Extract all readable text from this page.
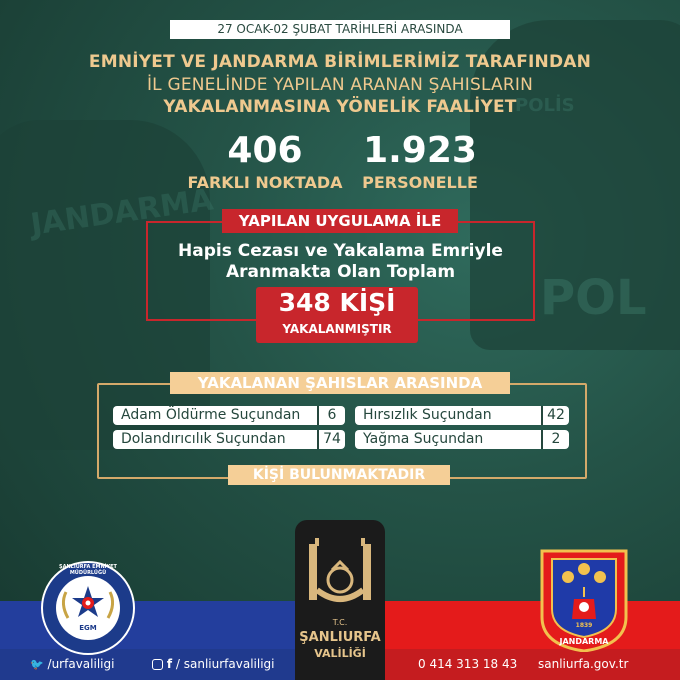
JANDARMA
POLİS
POL
27 OCAK-02 ŞUBAT TARİHLERİ ARASINDA
EMNİYET VE JANDARMA BİRİMLERİMİZ TARAFINDAN
İL GENELİNDE YAPILAN ARANAN ŞAHISLARIN
YAKALANMASINA YÖNELİK FAALİYET
406
FARKLI NOKTADA
1.923
PERSONELLE
YAPILAN UYGULAMA İLE
Hapis Cezası ve Yakalama Emriyle
Aranmakta Olan Toplam
348 KİŞİ
YAKALANMIŞTIR
YAKALANAN ŞAHISLAR ARASINDA
Adam Öldürme Suçundan	6	Hırsızlık Suçundan	42
Dolandırıcılık Suçundan	74 Yağma Suçundan	2
KİŞİ BULUNMAKTADIR
ŞANLIURFA EMNİYET MÜDÜRLÜĞÜ
EGM
T.C.
ŞANLIURFA
VALİLİĞİ
1839
JANDARMA
🐦 /urfavaliligi	f / sanliurfavaliligi	0 414 313 18 43 sanliurfa.gov.tr
